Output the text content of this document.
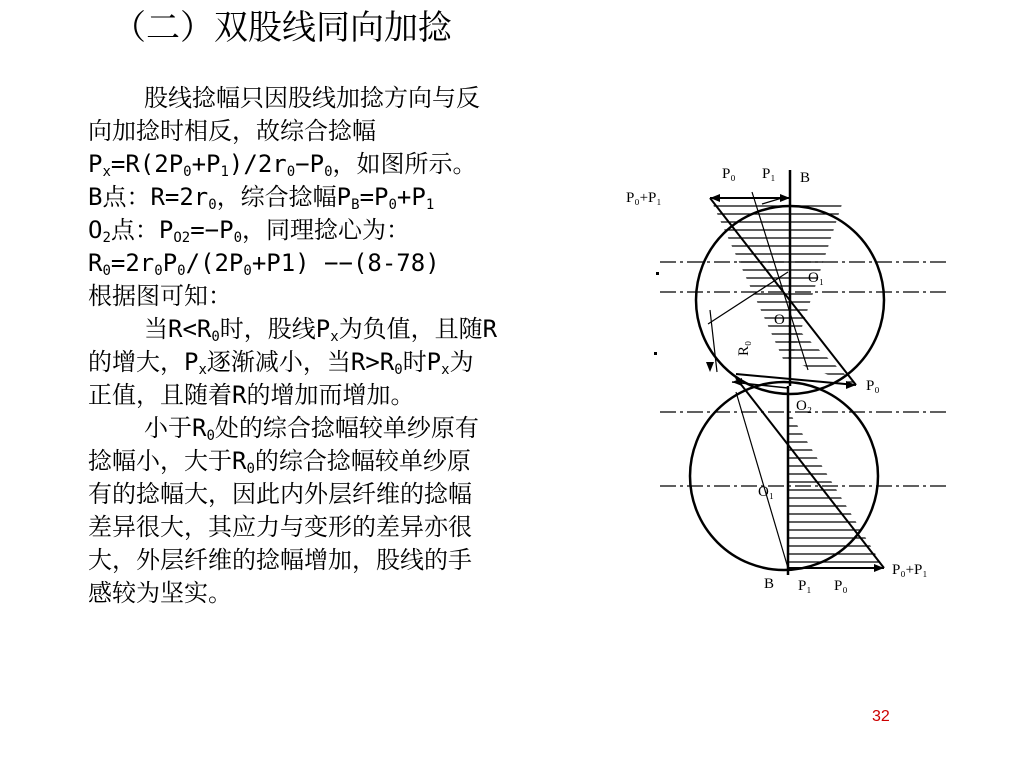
（二）双股线同向加捻
股线捻幅只因股线加捻方向与反
向加捻时相反，故综合捻幅
$P_x=R(2P_0+P_1)/2r_0-P_0$，如图所示。
B点：$R=2r_0$，综合捻幅$P_B=P_0+P_1$
$O_2$点：$P_{O2}=-P_0$，同理捻心为：
$R_0=2r_0P_0/(2P_0+P1) --(8-78)$
根据图可知：
当$R<R_0$时，股线$P_x$为负值，且随R
的增大，$P_x$逐渐减小，当$R>R_0$时$P_x$为
正值，且随着R的增加而增加。
小于$R_0$处的综合捻幅较单纱原有
捻幅小，大于$R_0$的综合捻幅较单纱原
有的捻幅大，因此内外层纤维的捻幅
差异很大，其应力与变形的差异亦很
大，外层纤维的捻幅增加，股线的手
感较为坚实。
P₀ P₁ B
P₀+P₁
O₁
O
R₀
P₀
O₂
O₁
B P₁ P₀
P₀+P₁
32
